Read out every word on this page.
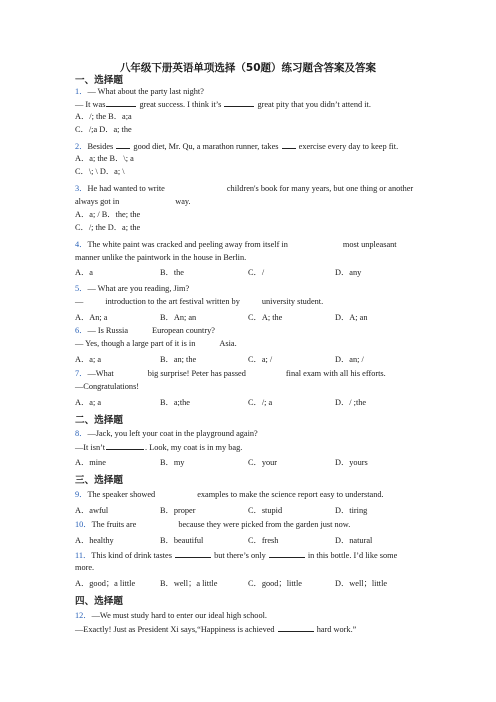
八年级下册英语单项选择（50题）练习题含答案及答案
一、选择题
1．— What about the party last night?
— It was	great success. I think it’s	great pity that you didn’t attend it.
A．/; the B．a;a
C．/;a D．a; the
2．Besides  good diet, Mr. Qu, a marathon runner, takes  exercise every day to keep fit.
A．a; the B．\; a
C．\; \ D．a; \
3．He had wanted to write	children's book for many years, but one thing or another
always got in	way.
A．a; / B．the; the
C．/; the D．a; the
4．The white paint was cracked and peeling away from itself in	most unpleasant
manner unlike the paintwork in the house in Berlin.
A．a	B．the	C．/	D．any
5．— What are you reading, Jim?
—	introduction to the art festival written by	university student.
A．An; a	B．An; an	C．A; the	D．A; an
6．— Is Russia	European country?
— Yes, though a large part of it is in	Asia.
A．a; a	B．an; the	C．a; /	D．an; /
7．—What	big surprise! Peter has passed	final exam with all his efforts.
—Congratulations!
A．a; a	B．a;the	C．/; a	D．/ ;the
二、选择题
8．—Jack, you left your coat in the playground again?
—It isn’t	. Look, my coat is in my bag.
A．mine	B．my	C．your	D．yours
三、选择题
9．The speaker showed	examples to make the science report easy to understand.
A．awful	B．proper	C．stupid	D．tiring
10．The fruits are	because they were picked from the garden just now.
A．healthy	B．beautiful	C．fresh	D．natural
11．This kind of drink tastes	but there’s only	in this bottle. I’d like some
more.
A．good；a little	B．well；a little	C．good；little	D．well；little
四、选择题
12．—We must study hard to enter our ideal high school.
—Exactly! Just as President Xi says,“Happiness is achieved	hard work.”
